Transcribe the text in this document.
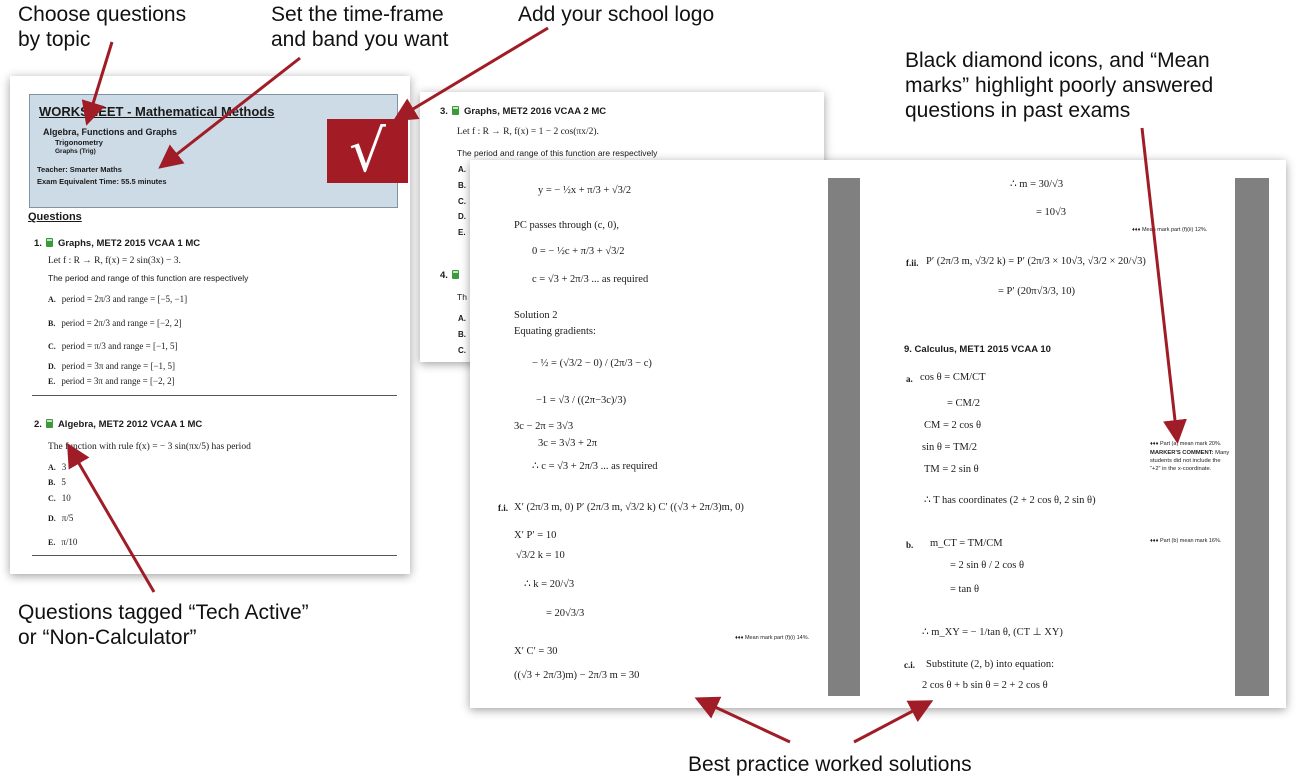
Choose questions
by topic
Set the time-frame
and band you want
Add your school logo
Black diamond icons, and “Mean
marks” highlight poorly answered
questions in past exams
Questions tagged “Tech Active”
or “Non-Calculator”
Best practice worked solutions
WORKSHEET - Mathematical Methods
Algebra, Functions and Graphs
Trigonometry
Graphs (Trig)
Teacher: Smarter Maths
Exam Equivalent Time: 55.5 minutes	√
Questions
1. Graphs, MET2 2015 VCAA 1 MC
Let f : R → R, f(x) = 2 sin(3x) − 3.
The period and range of this function are respectively
A. period = 2π/3 and range = [−5, −1]
B. period = 2π/3 and range = [−2, 2]
C. period = π/3 and range = [−1, 5]
D. period = 3π and range = [−1, 5]
E. period = 3π and range = [−2, 2]
2. Algebra, MET2 2012 VCAA 1 MC
The function with rule f(x) = − 3 sin(πx/5) has period
A. 3
B. 5
C. 10
D. π/5
E. π/10
3. Graphs, MET2 2016 VCAA 2 MC
Let f : R → R, f(x) = 1 − 2 cos(πx/2).
The period and range of this function are respectively
A.
B.
C.
D.
E.
4.
Th
A.
B.
C.
y = − ½x + π/3 + √3/2
PC passes through (c, 0),
0 = − ½c + π/3 + √3/2
c = √3 + 2π/3 ... as required
Solution 2
Equating gradients:
− ½ = (√3/2 − 0) / (2π/3 − c)
−1 = √3 / ((2π−3c)/3)
3c − 2π = 3√3
3c = 3√3 + 2π
∴ c = √3 + 2π/3 ... as required
f.i. X′ (2π/3 m, 0) P′ (2π/3 m, √3/2 k) C′ ((√3 + 2π/3)m, 0)
X′ P′ = 10
√3/2 k = 10
∴ k = 20/√3
= 20√3/3
♦♦♦ Mean mark part (f)(i) 14%.
X′ C′ = 30
((√3 + 2π/3)m) − 2π/3 m = 30
∴ m = 30/√3
= 10√3
♦♦♦ Mean mark part (f)(ii) 12%.
f.ii. P′ (2π/3 m, √3/2 k) = P′ (2π/3 × 10√3, √3/2 × 20/√3)
= P′ (20π√3/3, 10)
9. Calculus, MET1 2015 VCAA 10
a. cos θ = CM/CT
= CM/2
CM = 2 cos θ
sin θ = TM/2
TM = 2 sin θ
♦♦♦ Part (a) mean mark 20%.
MARKER'S COMMENT: Many students did not include the “+2” in the x-coordinate.
∴ T has coordinates (2 + 2 cos θ, 2 sin θ)
b. m_CT = TM/CM	♦♦♦ Part (b) mean mark 16%.
= 2 sin θ / 2 cos θ
= tan θ
∴ m_XY = − 1/tan θ, (CT ⊥ XY)
c.i. Substitute (2, b) into equation:
2 cos θ + b sin θ = 2 + 2 cos θ
